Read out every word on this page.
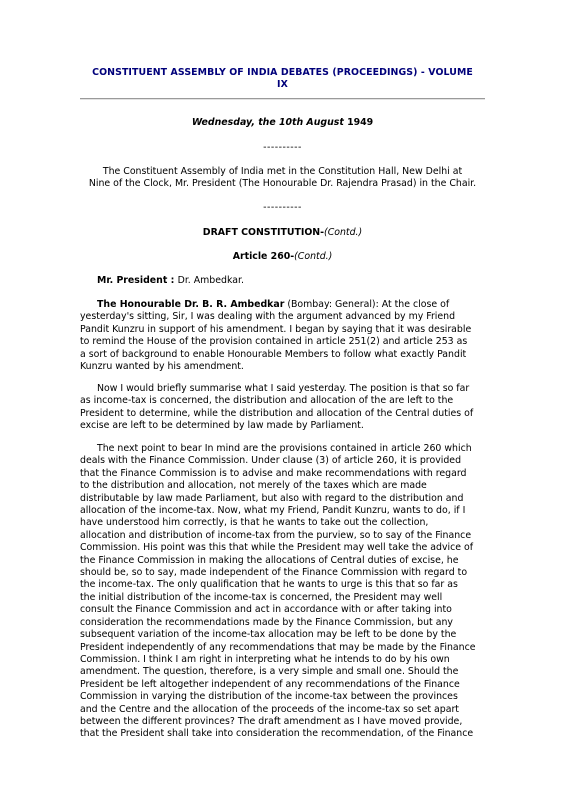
CONSTITUENT ASSEMBLY OF INDIA DEBATES (PROCEEDINGS) - VOLUME
IX
Wednesday, the 10th August 1949
----------
The Constituent Assembly of India met in the Constitution Hall, New Delhi at
Nine of the Clock, Mr. President (The Honourable Dr. Rajendra Prasad) in the Chair.
----------
DRAFT CONSTITUTION-(Contd.)
Article 260-(Contd.)
Mr. President : Dr. Ambedkar.
The Honourable Dr. B. R. Ambedkar (Bombay: General): At the close of
yesterday's sitting, Sir, I was dealing with the argument advanced by my Friend
Pandit Kunzru in support of his amendment. I began by saying that it was desirable
to remind the House of the provision contained in article 251(2) and article 253 as
a sort of background to enable Honourable Members to follow what exactly Pandit
Kunzru wanted by his amendment.
Now I would briefly summarise what I said yesterday. The position is that so far
as income-tax is concerned, the distribution and allocation of the are left to the
President to determine, while the distribution and allocation of the Central duties of
excise are left to be determined by law made by Parliament.
The next point to bear In mind are the provisions contained in article 260 which
deals with the Finance Commission. Under clause (3) of article 260, it is provided
that the Finance Commission is to advise and make recommendations with regard
to the distribution and allocation, not merely of the taxes which are made
distributable by law made Parliament, but also with regard to the distribution and
allocation of the income-tax. Now, what my Friend, Pandit Kunzru, wants to do, if I
have understood him correctly, is that he wants to take out the collection,
allocation and distribution of income-tax from the purview, so to say of the Finance
Commission. His point was this that while the President may well take the advice of
the Finance Commission in making the allocations of Central duties of excise, he
should be, so to say, made independent of the Finance Commission with regard to
the income-tax. The only qualification that he wants to urge is this that so far as
the initial distribution of the income-tax is concerned, the President may well
consult the Finance Commission and act in accordance with or after taking into
consideration the recommendations made by the Finance Commission, but any
subsequent variation of the income-tax allocation may be left to be done by the
President independently of any recommendations that may be made by the Finance
Commission. I think I am right in interpreting what he intends to do by his own
amendment. The question, therefore, is a very simple and small one. Should the
President be left altogether independent of any recommendations of the Finance
Commission in varying the distribution of the income-tax between the provinces
and the Centre and the allocation of the proceeds of the income-tax so set apart
between the different provinces? The draft amendment as I have moved provide,
that the President shall take into consideration the recommendation, of the Finance
